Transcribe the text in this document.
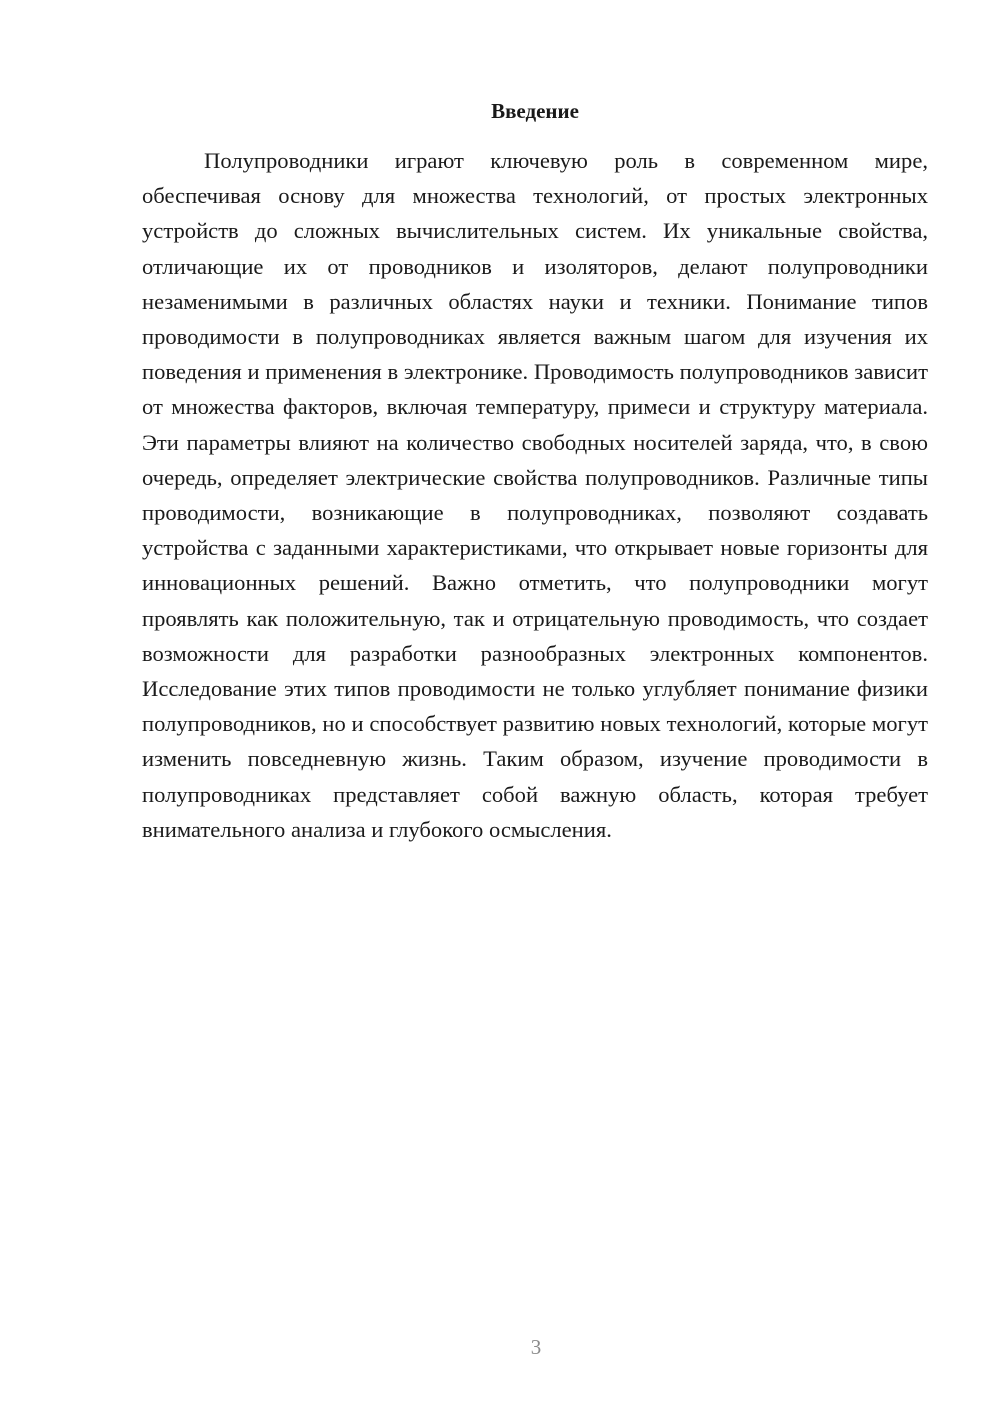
Введение

Полупроводники играют ключевую роль в современном мире, обеспечивая основу для множества технологий, от простых электронных устройств до сложных вычислительных систем. Их уникальные свойства, отличающие их от проводников и изоляторов, делают полупроводники незаменимыми в различных областях науки и техники. Понимание типов проводимости в полупроводниках является важным шагом для изучения их поведения и применения в электронике. Проводимость полупроводников зависит от множества факторов, включая температуру, примеси и структуру материала. Эти параметры влияют на количество свободных носителей заряда, что, в свою очередь, определяет электрические свойства полупроводников. Различные типы проводимости, возникающие в полупроводниках, позволяют создавать устройства с заданными характеристиками, что открывает новые горизонты для инновационных решений. Важно отметить, что полупроводники могут проявлять как положительную, так и отрицательную проводимость, что создает возможности для разработки разнообразных электронных компонентов. Исследование этих типов проводимости не только углубляет понимание физики полупроводников, но и способствует развитию новых технологий, которые могут изменить повседневную жизнь. Таким образом, изучение проводимости в полупроводниках представляет собой важную область, которая требует внимательного анализа и глубокого осмысления.

3
